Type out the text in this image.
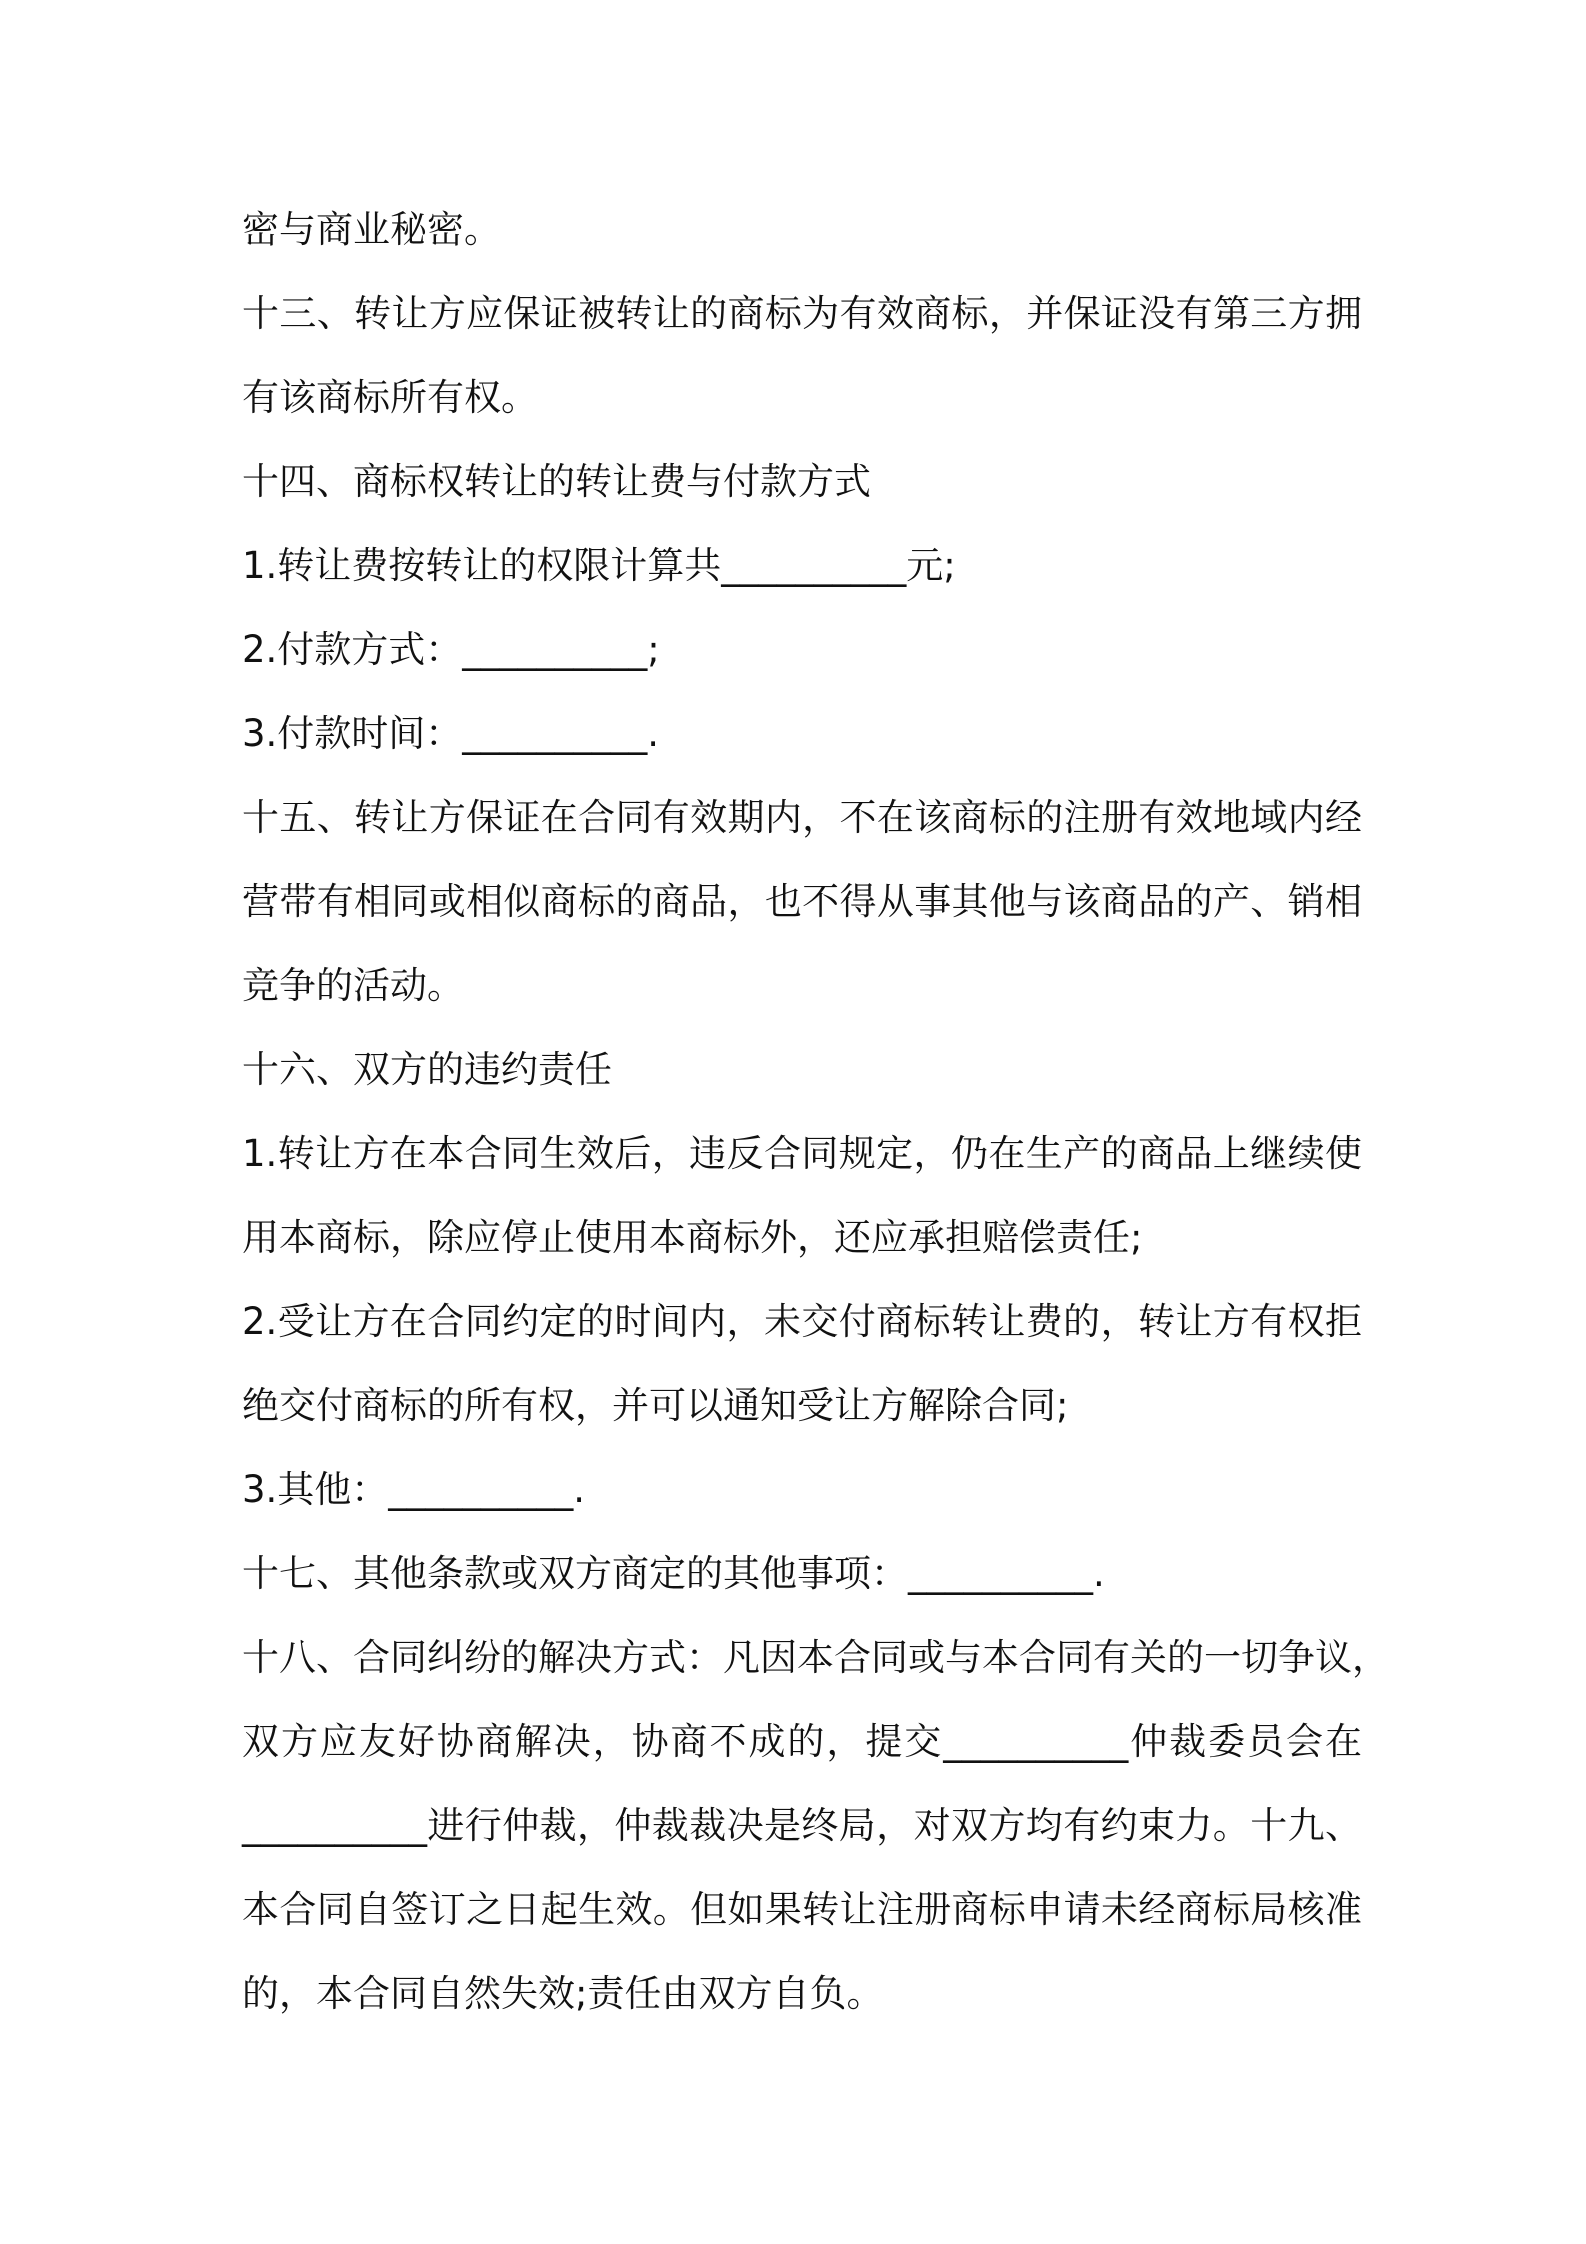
密与商业秘密。
十三、转让方应保证被转让的商标为有效商标，并保证没有第三方拥
有该商标所有权。
十四、商标权转让的转让费与付款方式
1.转让费按转让的权限计算共__________元;
2.付款方式：__________;
3.付款时间：__________.
十五、转让方保证在合同有效期内，不在该商标的注册有效地域内经
营带有相同或相似商标的商品，也不得从事其他与该商品的产、销相
竞争的活动。
十六、双方的违约责任
1.转让方在本合同生效后，违反合同规定，仍在生产的商品上继续使
用本商标，除应停止使用本商标外，还应承担赔偿责任;
2.受让方在合同约定的时间内，未交付商标转让费的，转让方有权拒
绝交付商标的所有权，并可以通知受让方解除合同;
3.其他：__________.
十七、其他条款或双方商定的其他事项：__________.
十八、合同纠纷的解决方式：凡因本合同或与本合同有关的一切争议，
双方应友好协商解决，协商不成的，提交__________仲裁委员会在
__________进行仲裁，仲裁裁决是终局，对双方均有约束力。十九、
本合同自签订之日起生效。但如果转让注册商标申请未经商标局核准
的，本合同自然失效;责任由双方自负。
